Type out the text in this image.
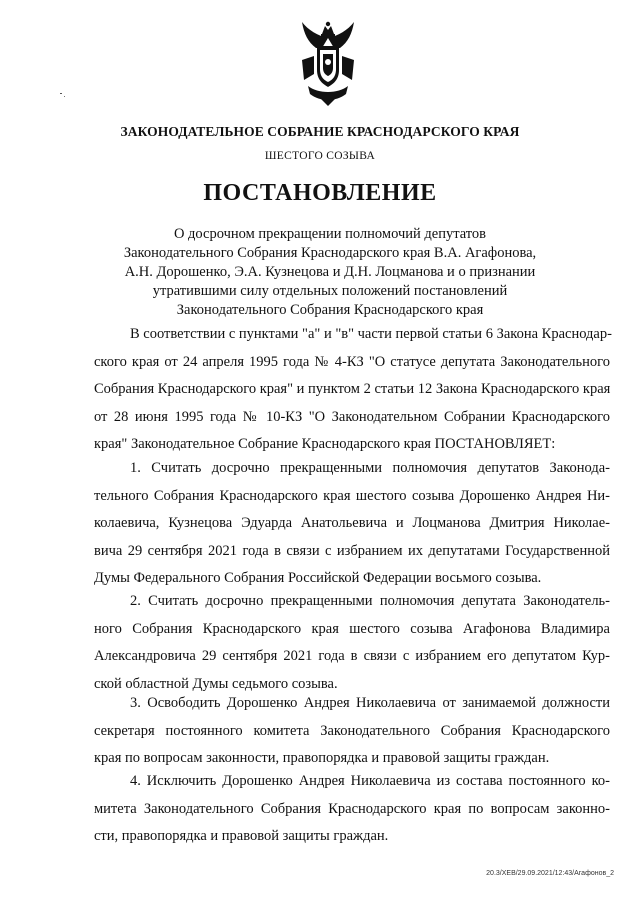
ЗАКОНОДАТЕЛЬНОЕ СОБРАНИЕ КРАСНОДАРСКОГО КРАЯ
ШЕСТОГО СОЗЫВА
ПОСТАНОВЛЕНИЕ
О досрочном прекращении полномочий депутатов
Законодательного Собрания Краснодарского края В.А. Агафонова,
А.Н. Дорошенко, Э.А. Кузнецова и Д.Н. Лоцманова и о признании
утратившими силу отдельных положений постановлений
Законодательного Собрания Краснодарского края
В соответствии с пунктами "а" и "в" части первой статьи 6 Закона Краснодар-
ского края от 24 апреля 1995 года № 4-КЗ "О статусе депутата Законодательного
Собрания Краснодарского края" и пунктом 2 статьи 12 Закона Краснодарского края
от 28 июня 1995 года № 10-КЗ "О Законодательном Собрании Краснодарского
края" Законодательное Собрание Краснодарского края ПОСТАНОВЛЯЕТ:
1. Считать досрочно прекращенными полномочия депутатов Законода-
тельного Собрания Краснодарского края шестого созыва Дорошенко Андрея Ни-
колаевича, Кузнецова Эдуарда Анатольевича и Лоцманова Дмитрия Николае-
вича 29 сентября 2021 года в связи с избранием их депутатами Государственной
Думы Федерального Собрания Российской Федерации восьмого созыва.
2. Считать досрочно прекращенными полномочия депутата Законодатель-
ного Собрания Краснодарского края шестого созыва Агафонова Владимира
Александровича 29 сентября 2021 года в связи с избранием его депутатом Кур-
ской областной Думы седьмого созыва.
3. Освободить Дорошенко Андрея Николаевича от занимаемой должности
секретаря постоянного комитета Законодательного Собрания Краснодарского
края по вопросам законности, правопорядка и правовой защиты граждан.
4. Исключить Дорошенко Андрея Николаевича из состава постоянного ко-
митета Законодательного Собрания Краснодарского края по вопросам законно-
сти, правопорядка и правовой защиты граждан.
20.3/ХЕВ/29.09.2021/12:43/Агафонов_2
